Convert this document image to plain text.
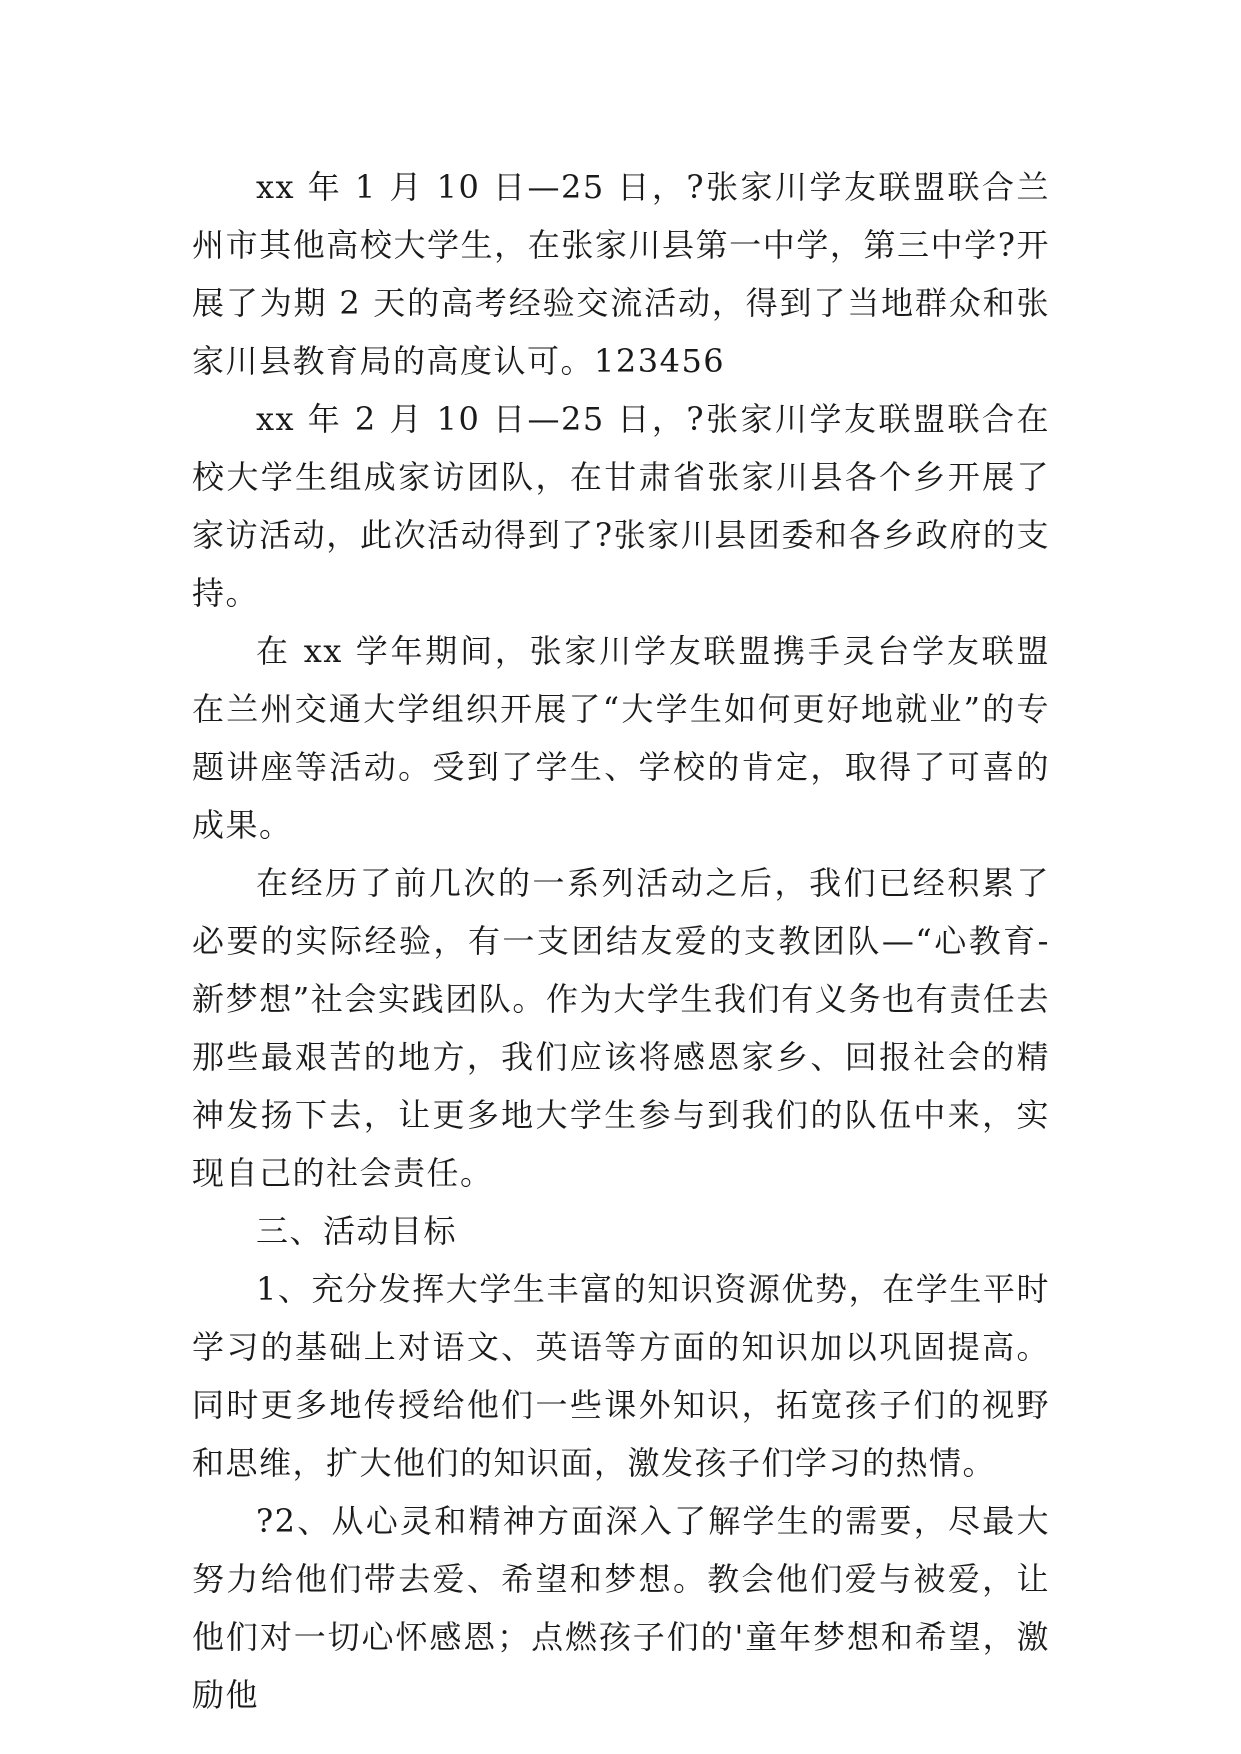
xx 年 1 月 10 日—25 日，?张家川学友联盟联合兰州市其他高校大学生，在张家川县第一中学，第三中学?开展了为期 2 天的高考经验交流活动，得到了当地群众和张家川县教育局的高度认可。123456

xx 年 2 月 10 日—25 日，?张家川学友联盟联合在校大学生组成家访团队，在甘肃省张家川县各个乡开展了家访活动，此次活动得到了?张家川县团委和各乡政府的支持。

在 xx 学年期间，张家川学友联盟携手灵台学友联盟在兰州交通大学组织开展了“大学生如何更好地就业”的专题讲座等活动。受到了学生、学校的肯定，取得了可喜的成果。

在经历了前几次的一系列活动之后，我们已经积累了必要的实际经验，有一支团结友爱的支教团队—“心教育-新梦想”社会实践团队。作为大学生我们有义务也有责任去那些最艰苦的地方，我们应该将感恩家乡、回报社会的精神发扬下去，让更多地大学生参与到我们的队伍中来，实现自己的社会责任。

三、活动目标

1、充分发挥大学生丰富的知识资源优势，在学生平时学习的基础上对语文、英语等方面的知识加以巩固提高。同时更多地传授给他们一些课外知识，拓宽孩子们的视野和思维，扩大他们的知识面，激发孩子们学习的热情。

?2、从心灵和精神方面深入了解学生的需要，尽最大努力给他们带去爱、希望和梦想。教会他们爱与被爱，让他们对一切心怀感恩；点燃孩子们的'童年梦想和希望，激励他
